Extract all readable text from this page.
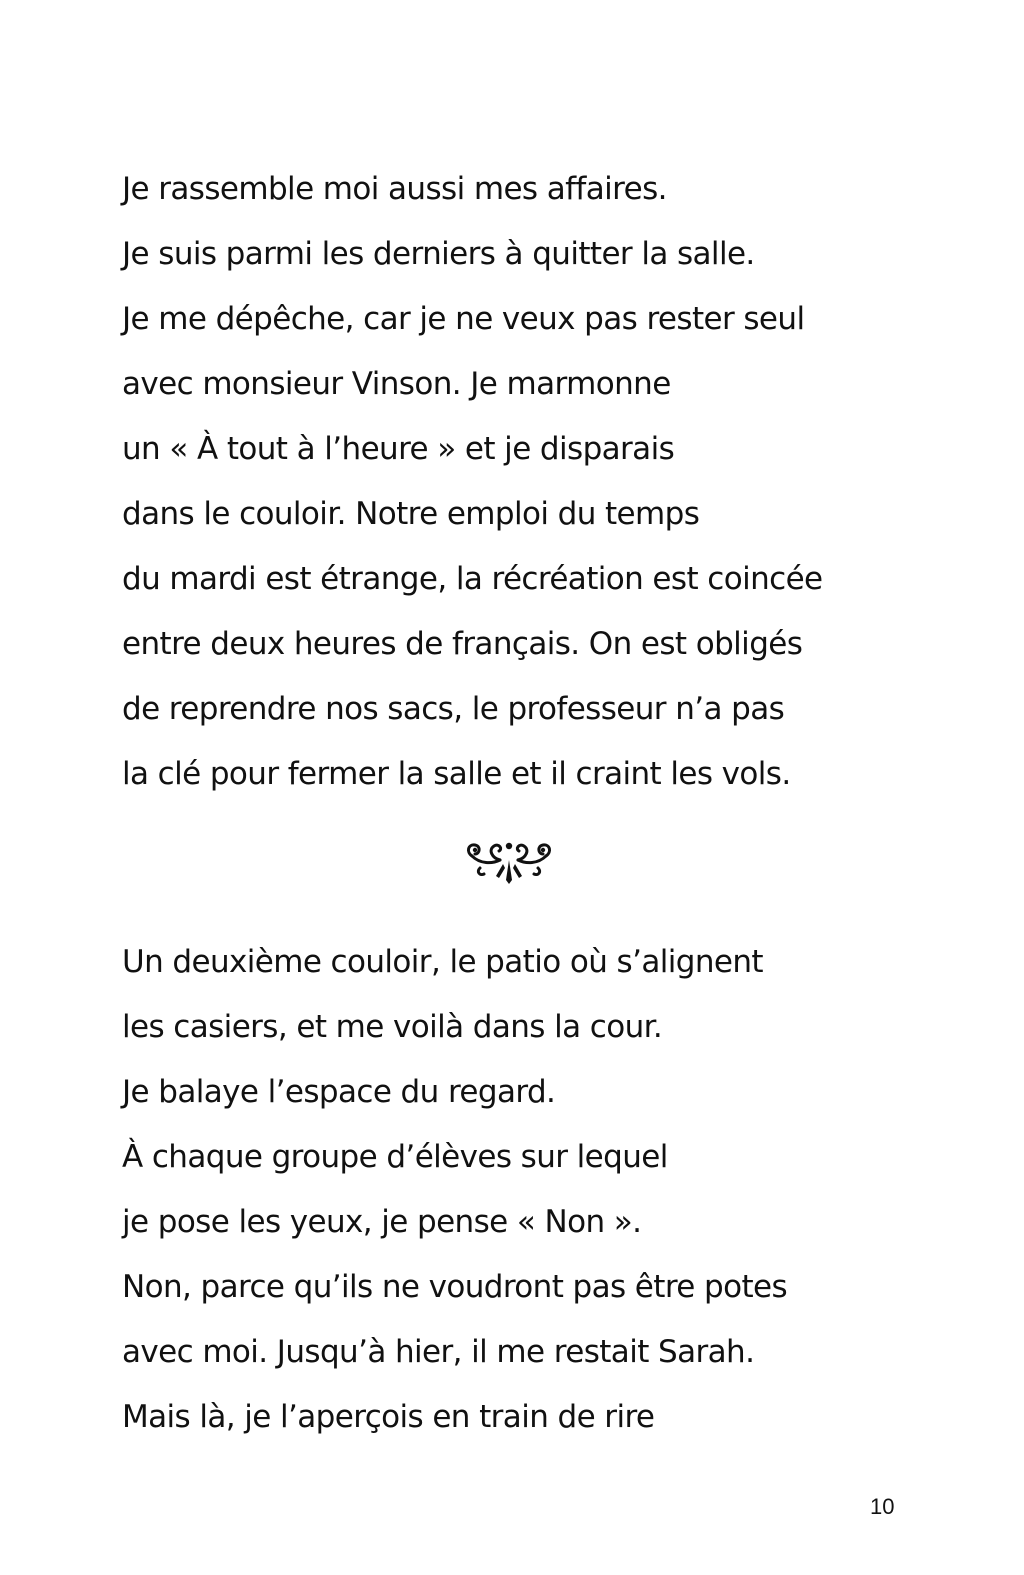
Je rassemble moi aussi mes affaires.
Je suis parmi les derniers à quitter la salle.
Je me dépêche, car je ne veux pas rester seul
avec monsieur Vinson. Je marmonne
un « À tout à l’heure » et je disparais
dans le couloir. Notre emploi du temps
du mardi est étrange, la récréation est coincée
entre deux heures de français. On est obligés
de reprendre nos sacs, le professeur n’a pas
la clé pour fermer la salle et il craint les vols.
Un deuxième couloir, le patio où s’alignent
les casiers, et me voilà dans la cour.
Je balaye l’espace du regard.
À chaque groupe d’élèves sur lequel
je pose les yeux, je pense « Non ».
Non, parce qu’ils ne voudront pas être potes
avec moi. Jusqu’à hier, il me restait Sarah.
Mais là, je l’aperçois en train de rire
10
